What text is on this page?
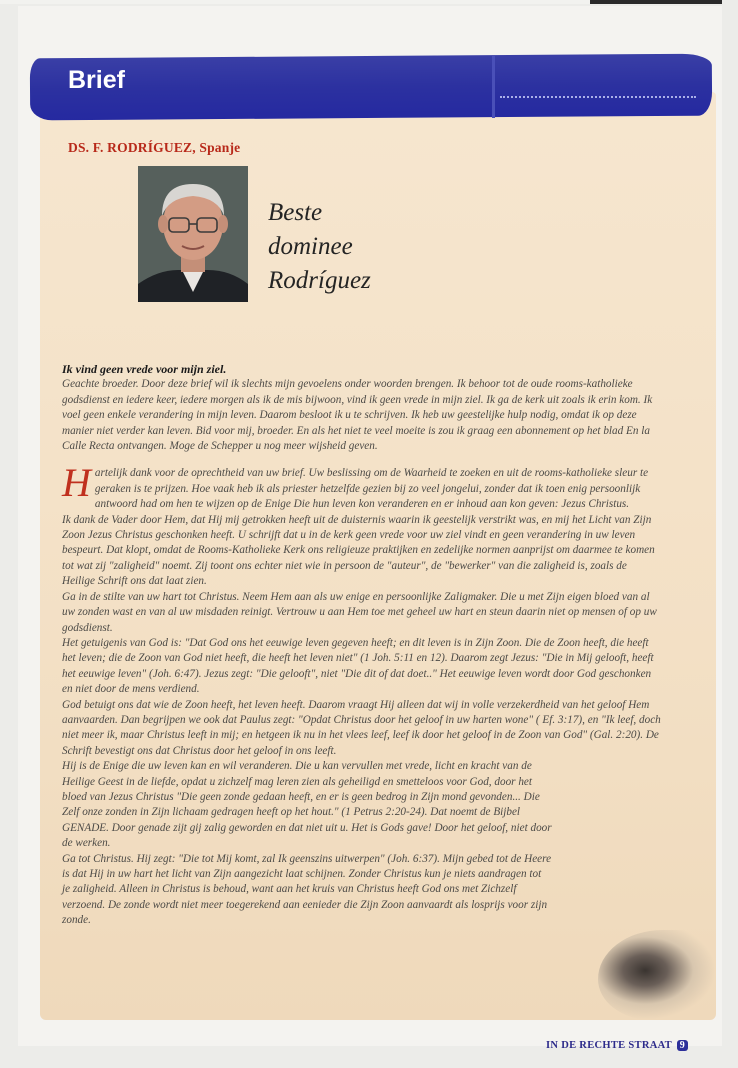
Brief
DS. F. RODRÍGUEZ, Spanje
Beste
dominee
Rodríguez

Ik vind geen vrede voor mijn ziel.

Geachte broeder. Door deze brief wil ik slechts mijn gevoelens onder woorden brengen. Ik behoor tot de oude rooms-katholieke godsdienst en iedere keer, iedere morgen als ik de mis bijwoon, vind ik geen vrede in mijn ziel. Ik ga de kerk uit zoals ik erin kom. Ik voel geen enkele verandering in mijn leven. Daarom besloot ik u te schrijven. Ik heb uw geestelijke hulp nodig, omdat ik op deze manier niet verder kan leven. Bid voor mij, broeder. En als het niet te veel moeite is zou ik graag een abonnement op het blad En la Calle Recta ontvangen. Moge de Schepper u nog meer wijsheid geven.

Hartelijk dank voor de oprechtheid van uw brief. Uw beslissing om de Waarheid te zoeken en uit de rooms-katholieke sleur te geraken is te prijzen. Hoe vaak heb ik als priester hetzelfde gezien bij zo veel jongelui, zonder dat ik toen enig persoonlijk antwoord had om hen te wijzen op de Enige Die hun leven kon veranderen en er inhoud aan kon geven: Jezus Christus.

Ik dank de Vader door Hem, dat Hij mij getrokken heeft uit de duisternis waarin ik geestelijk verstrikt was, en mij het Licht van Zijn Zoon Jezus Christus geschonken heeft. U schrijft dat u in de kerk geen vrede voor uw ziel vindt en geen verandering in uw leven bespeurt. Dat klopt, omdat de Rooms-Katholieke Kerk ons religieuze praktijken en zedelijke normen aanprijst om daarmee te komen tot wat zij "zaligheid" noemt. Zij toont ons echter niet wie in persoon de "auteur", de "bewerker" van die zaligheid is, zoals de Heilige Schrift ons dat laat zien.

Ga in de stilte van uw hart tot Christus. Neem Hem aan als uw enige en persoonlijke Zaligmaker. Die u met Zijn eigen bloed van al uw zonden wast en van al uw misdaden reinigt. Vertrouw u aan Hem toe met geheel uw hart en steun daarin niet op mensen of op uw godsdienst.

Het getuigenis van God is: "Dat God ons het eeuwige leven gegeven heeft; en dit leven is in Zijn Zoon. Die de Zoon heeft, die heeft het leven; die de Zoon van God niet heeft, die heeft het leven niet" (1 Joh. 5:11 en 12). Daarom zegt Jezus: "Die in Mij gelooft, heeft het eeuwige leven" (Joh. 6:47). Jezus zegt: "Die gelooft", niet "Die dit of dat doet.." Het eeuwige leven wordt door God geschonken en niet door de mens verdiend.

God betuigt ons dat wie de Zoon heeft, het leven heeft. Daarom vraagt Hij alleen dat wij in volle verzekerdheid van het geloof Hem aanvaarden. Dan begrijpen we ook dat Paulus zegt: "Opdat Christus door het geloof in uw harten wone" ( Ef. 3:17), en "Ik leef, doch niet meer ik, maar Christus leeft in mij; en hetgeen ik nu in het vlees leef, leef ik door het geloof in de Zoon van God" (Gal. 2:20). De Schrift bevestigt ons dat Christus door het geloof in ons leeft.

Hij is de Enige die uw leven kan en wil veranderen. Die u kan vervullen met vrede, licht en kracht van de Heilige Geest in de liefde, opdat u zichzelf mag leren zien als geheiligd en smetteloos voor God, door het bloed van Jezus Christus "Die geen zonde gedaan heeft, en er is geen bedrog in Zijn mond gevonden... Die Zelf onze zonden in Zijn lichaam gedragen heeft op het hout." (1 Petrus 2:20-24). Dat noemt de Bijbel GENADE. Door genade zijt gij zalig geworden en dat niet uit u. Het is Gods gave! Door het geloof, niet door de werken.

Ga tot Christus. Hij zegt: "Die tot Mij komt, zal Ik geenszins uitwerpen" (Joh. 6:37). Mijn gebed tot de Heere is dat Hij in uw hart het licht van Zijn aangezicht laat schijnen. Zonder Christus kun je niets aandragen tot je zaligheid. Alleen in Christus is behoud, want aan het kruis van Christus heeft God ons met Zichzelf verzoend. De zonde wordt niet meer toegerekend aan eenieder die Zijn Zoon aanvaardt als losprijs voor zijn zonde.

IN DE RECHTE STRAAT 9
